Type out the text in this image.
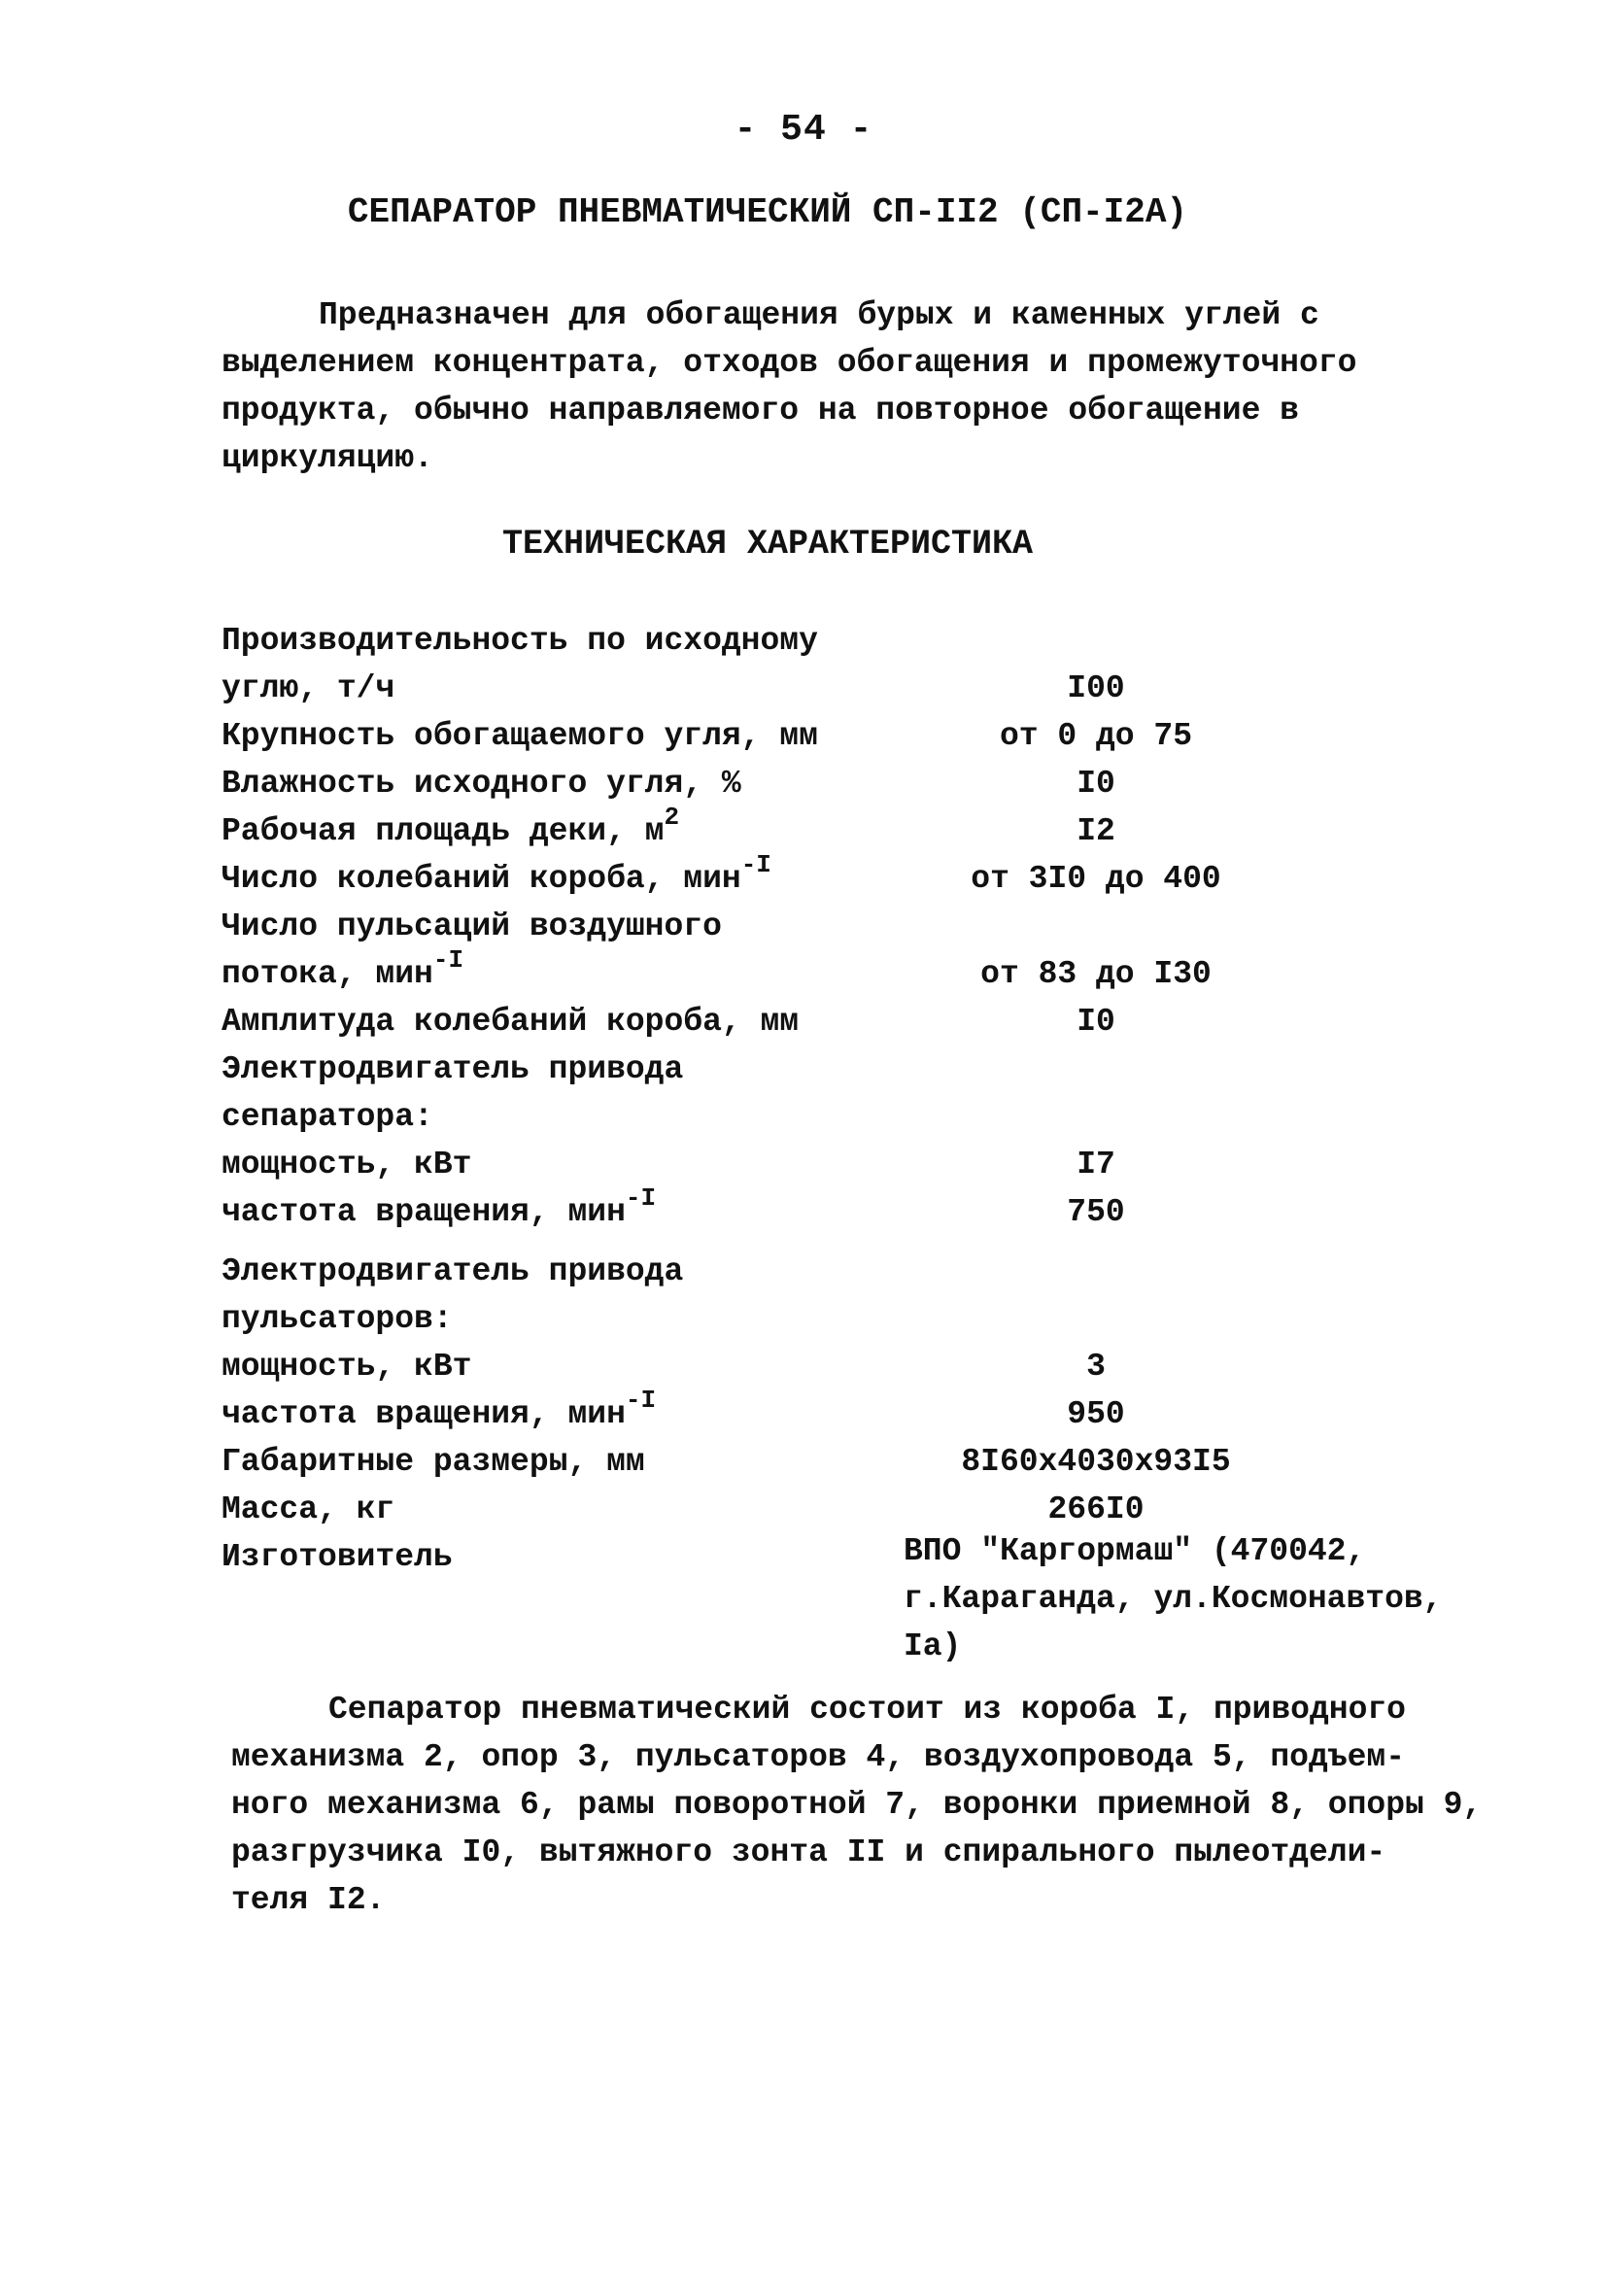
- 54 -
СЕПАРАТОР ПНЕВМАТИЧЕСКИЙ СП-II2 (СП-I2А)
Предназначен для обогащения бурых и каменных углей с
выделением концентрата, отходов обогащения и промежуточного
продукта, обычно направляемого на повторное обогащение в
циркуляцию.
ТЕХНИЧЕСКАЯ ХАРАКТЕРИСТИКА
Производительность по исходному
углю, т/ч	I00
Крупность обогащаемого угля, мм	от 0 до 75
Влажность исходного угля, %	I0
Рабочая площадь деки, $м^2$	I2
Число колебаний короба, мин$^{-I}$	от 3I0 до 400
Число пульсаций воздушного
потока, мин$^{-I}$	от 83 до I30
Амплитуда колебаний короба, мм	I0
Электродвигатель привода
сепаратора:
мощность, кВт	I7
частота вращения, мин$^{-I}$	750
Электродвигатель привода
пульсаторов:
мощность, кВт	3
частота вращения, мин$^{-I}$	950
Габаритные размеры, мм	8I60х4030х93I5
Масса, кг	266I0
Изготовитель	ВПО "Каргормаш" (470042,
г.Караганда, ул.Космонавтов,
Iа)
Сепаратор пневматический состоит из короба I, приводного
механизма 2, опор 3, пульсаторов 4, воздухопровода 5, подъем-
ного механизма 6, рамы поворотной 7, воронки приемной 8, опоры 9,
разгрузчика I0, вытяжного зонта II и спирального пылеотдели-
теля I2.
